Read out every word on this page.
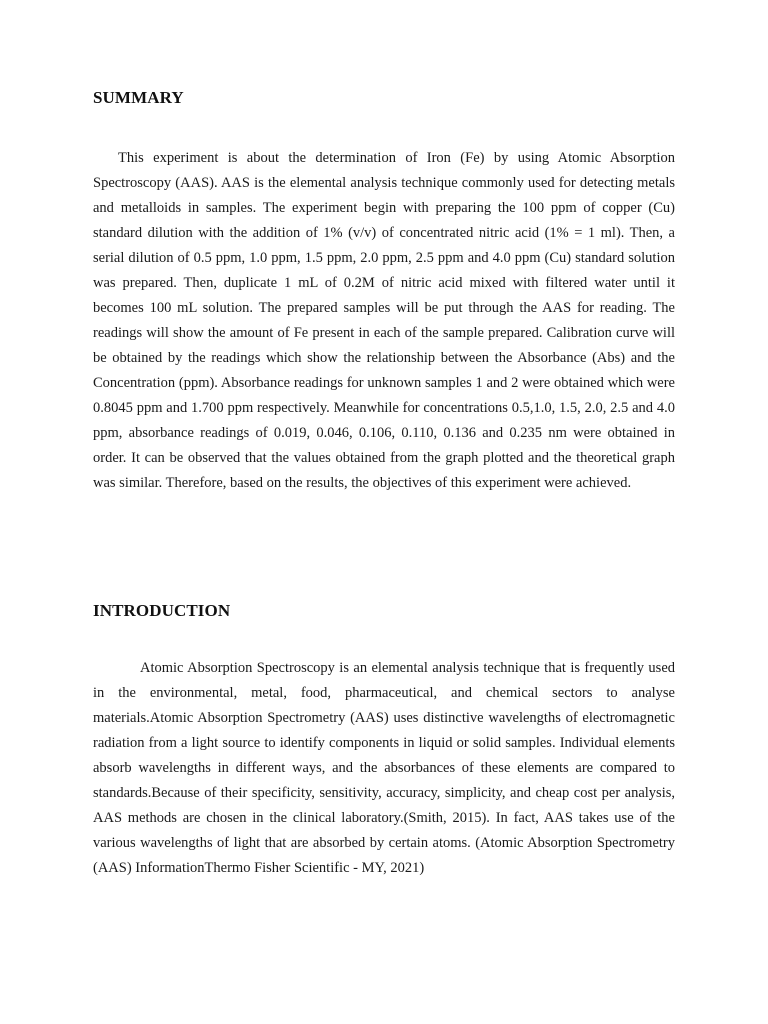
SUMMARY

This experiment is about the determination of Iron (Fe) by using Atomic Absorption Spectroscopy (AAS). AAS is the elemental analysis technique commonly used for detecting metals and metalloids in samples. The experiment begin with preparing the 100 ppm of copper (Cu) standard dilution with the addition of 1% (v/v) of concentrated nitric acid (1% = 1 ml). Then, a serial dilution of 0.5 ppm, 1.0 ppm, 1.5 ppm, 2.0 ppm, 2.5 ppm and 4.0 ppm (Cu) standard solution was prepared. Then, duplicate 1 mL of 0.2M of nitric acid mixed with filtered water until it becomes 100 mL solution. The prepared samples will be put through the AAS for reading. The readings will show the amount of Fe present in each of the sample prepared. Calibration curve will be obtained by the readings which show the relationship between the Absorbance (Abs) and the Concentration (ppm). Absorbance readings for unknown samples 1 and 2 were obtained which were 0.8045 ppm and 1.700 ppm respectively. Meanwhile for concentrations 0.5,1.0, 1.5, 2.0, 2.5 and 4.0 ppm, absorbance readings of 0.019, 0.046, 0.106, 0.110, 0.136 and 0.235 nm were obtained in order. It can be observed that the values obtained from the graph plotted and the theoretical graph was similar. Therefore, based on the results, the objectives of this experiment were achieved.

INTRODUCTION

Atomic Absorption Spectroscopy is an elemental analysis technique that is frequently used in the environmental, metal, food, pharmaceutical, and chemical sectors to analyse materials.Atomic Absorption Spectrometry (AAS) uses distinctive wavelengths of electromagnetic radiation from a light source to identify components in liquid or solid samples. Individual elements absorb wavelengths in different ways, and the absorbances of these elements are compared to standards.Because of their specificity, sensitivity, accuracy, simplicity, and cheap cost per analysis, AAS methods are chosen in the clinical laboratory.(Smith, 2015). In fact, AAS takes use of the various wavelengths of light that are absorbed by certain atoms. (Atomic Absorption Spectrometry (AAS) InformationThermo Fisher Scientific - MY, 2021)
